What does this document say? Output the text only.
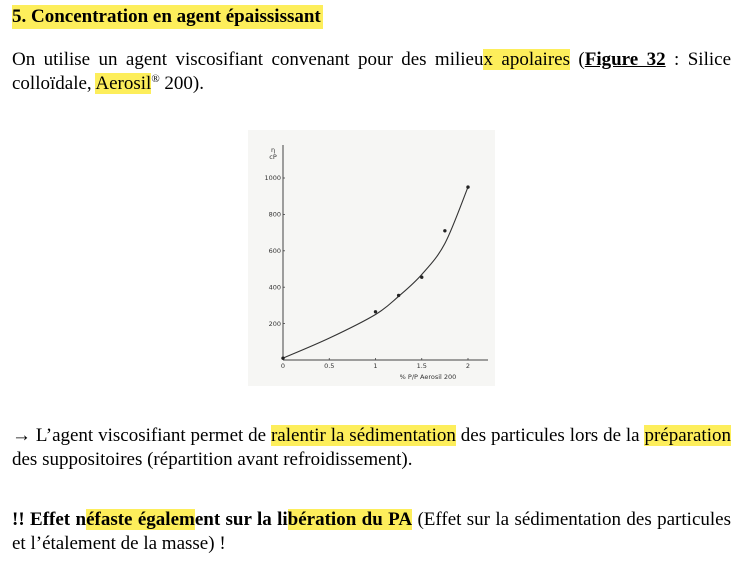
5. Concentration en agent épaississant
On utilise un agent viscosifiant convenant pour des milieux apolaires (Figure 32 : Silice colloïdale, Aerosil® 200).
200
400
600
800
1000
0	0.5	1	1.5	2
η
cP
% P/P Aerosil 200
→ L’agent viscosifiant permet de ralentir la sédimentation des particules lors de la préparation des suppositoires (répartition avant refroidissement).
!! Effet néfaste également sur la libération du PA (Effet sur la sédimentation des particules et l’étalement de la masse) !
